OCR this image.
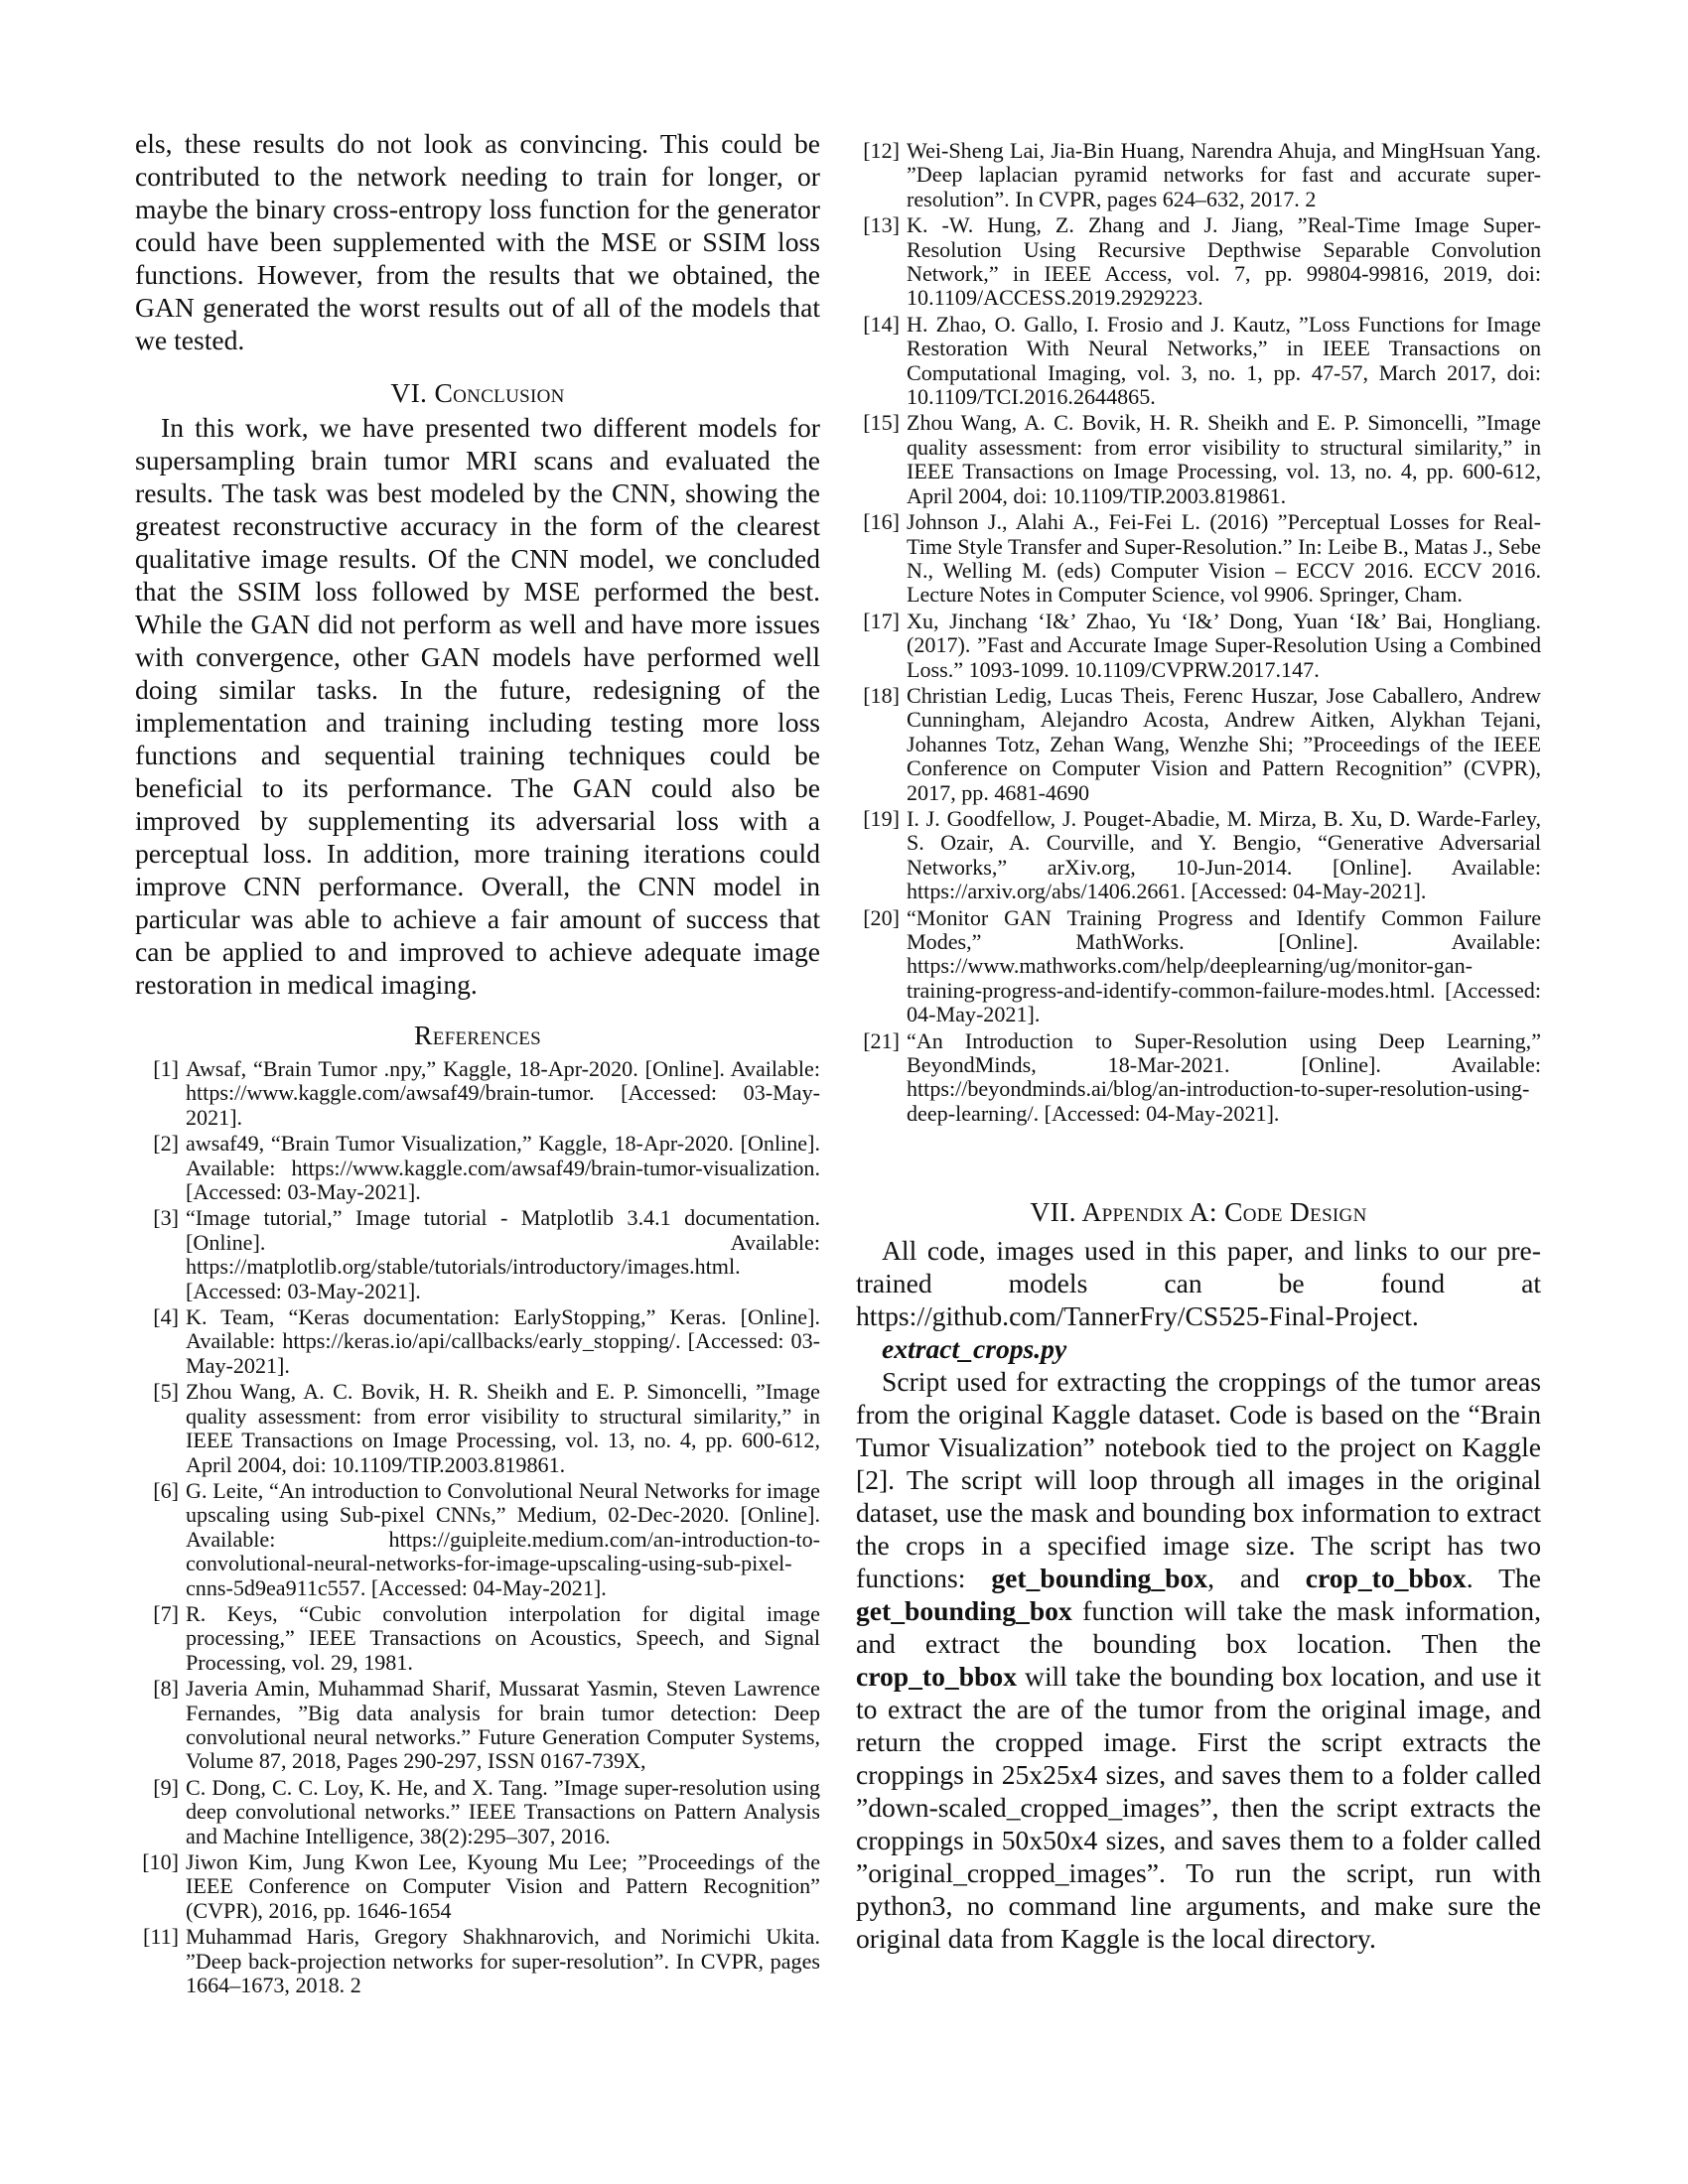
els, these results do not look as convincing. This could be contributed to the network needing to train for longer, or maybe the binary cross-entropy loss function for the generator could have been supplemented with the MSE or SSIM loss functions. However, from the results that we obtained, the GAN generated the worst results out of all of the models that we tested.

VI. Conclusion

In this work, we have presented two different models for supersampling brain tumor MRI scans and evaluated the results. The task was best modeled by the CNN, showing the greatest reconstructive accuracy in the form of the clearest qualitative image results. Of the CNN model, we concluded that the SSIM loss followed by MSE performed the best. While the GAN did not perform as well and have more issues with convergence, other GAN models have performed well doing similar tasks. In the future, redesigning of the implementation and training including testing more loss functions and sequential training techniques could be beneficial to its performance. The GAN could also be improved by supplementing its adversarial loss with a perceptual loss. In addition, more training iterations could improve CNN performance. Overall, the CNN model in particular was able to achieve a fair amount of success that can be applied to and improved to achieve adequate image restoration in medical imaging.

References
[1] Awsaf, “Brain Tumor .npy,” Kaggle, 18-Apr-2020. [Online]. Available: https://www.kaggle.com/awsaf49/brain-tumor. [Accessed: 03-May-2021].
[2] awsaf49, “Brain Tumor Visualization,” Kaggle, 18-Apr-2020. [Online]. Available: https://www.kaggle.com/awsaf49/brain-tumor-visualization. [Accessed: 03-May-2021].
[3] “Image tutorial,” Image tutorial - Matplotlib 3.4.1 documentation. [Online]. Available: https://matplotlib.org/stable/tutorials/introductory/images.html. [Accessed: 03-May-2021].
[4] K. Team, “Keras documentation: EarlyStopping,” Keras. [Online]. Available: https://keras.io/api/callbacks/early_stopping/. [Accessed: 03-May-2021].
[5] Zhou Wang, A. C. Bovik, H. R. Sheikh and E. P. Simoncelli, ”Image quality assessment: from error visibility to structural similarity,” in IEEE Transactions on Image Processing, vol. 13, no. 4, pp. 600-612, April 2004, doi: 10.1109/TIP.2003.819861.
[6] G. Leite, “An introduction to Convolutional Neural Networks for image upscaling using Sub-pixel CNNs,” Medium, 02-Dec-2020. [Online]. Available: https://guipleite.medium.com/an-introduction-to-convolutional-neural-networks-for-image-upscaling-using-sub-pixel-cnns-5d9ea911c557. [Accessed: 04-May-2021].
[7] R. Keys, “Cubic convolution interpolation for digital image processing,” IEEE Transactions on Acoustics, Speech, and Signal Processing, vol. 29, 1981.
[8] Javeria Amin, Muhammad Sharif, Mussarat Yasmin, Steven Lawrence Fernandes, ”Big data analysis for brain tumor detection: Deep convolutional neural networks.” Future Generation Computer Systems, Volume 87, 2018, Pages 290-297, ISSN 0167-739X,
[9] C. Dong, C. C. Loy, K. He, and X. Tang. ”Image super-resolution using deep convolutional networks.” IEEE Transactions on Pattern Analysis and Machine Intelligence, 38(2):295–307, 2016.
[10] Jiwon Kim, Jung Kwon Lee, Kyoung Mu Lee; ”Proceedings of the IEEE Conference on Computer Vision and Pattern Recognition” (CVPR), 2016, pp. 1646-1654
[11] Muhammad Haris, Gregory Shakhnarovich, and Norimichi Ukita. ”Deep back-projection networks for super-resolution”. In CVPR, pages 1664–1673, 2018. 2
[12] Wei-Sheng Lai, Jia-Bin Huang, Narendra Ahuja, and MingHsuan Yang. ”Deep laplacian pyramid networks for fast and accurate super-resolution”. In CVPR, pages 624–632, 2017. 2
[13] K. -W. Hung, Z. Zhang and J. Jiang, ”Real-Time Image Super-Resolution Using Recursive Depthwise Separable Convolution Network,” in IEEE Access, vol. 7, pp. 99804-99816, 2019, doi: 10.1109/ACCESS.2019.2929223.
[14] H. Zhao, O. Gallo, I. Frosio and J. Kautz, ”Loss Functions for Image Restoration With Neural Networks,” in IEEE Transactions on Computational Imaging, vol. 3, no. 1, pp. 47-57, March 2017, doi: 10.1109/TCI.2016.2644865.
[15] Zhou Wang, A. C. Bovik, H. R. Sheikh and E. P. Simoncelli, ”Image quality assessment: from error visibility to structural similarity,” in IEEE Transactions on Image Processing, vol. 13, no. 4, pp. 600-612, April 2004, doi: 10.1109/TIP.2003.819861.
[16] Johnson J., Alahi A., Fei-Fei L. (2016) ”Perceptual Losses for Real-Time Style Transfer and Super-Resolution.” In: Leibe B., Matas J., Sebe N., Welling M. (eds) Computer Vision – ECCV 2016. ECCV 2016. Lecture Notes in Computer Science, vol 9906. Springer, Cham.
[17] Xu, Jinchang ‘I&’ Zhao, Yu ‘I&’ Dong, Yuan ‘I&’ Bai, Hongliang. (2017). ”Fast and Accurate Image Super-Resolution Using a Combined Loss.” 1093-1099. 10.1109/CVPRW.2017.147.
[18] Christian Ledig, Lucas Theis, Ferenc Huszar, Jose Caballero, Andrew Cunningham, Alejandro Acosta, Andrew Aitken, Alykhan Tejani, Johannes Totz, Zehan Wang, Wenzhe Shi; ”Proceedings of the IEEE Conference on Computer Vision and Pattern Recognition” (CVPR), 2017, pp. 4681-4690
[19] I. J. Goodfellow, J. Pouget-Abadie, M. Mirza, B. Xu, D. Warde-Farley, S. Ozair, A. Courville, and Y. Bengio, “Generative Adversarial Networks,” arXiv.org, 10-Jun-2014. [Online]. Available: https://arxiv.org/abs/1406.2661. [Accessed: 04-May-2021].
[20] “Monitor GAN Training Progress and Identify Common Failure Modes,” MathWorks. [Online]. Available: https://www.mathworks.com/help/deeplearning/ug/monitor-gan-training-progress-and-identify-common-failure-modes.html. [Accessed: 04-May-2021].
[21] “An Introduction to Super-Resolution using Deep Learning,” BeyondMinds, 18-Mar-2021. [Online]. Available: https://beyondminds.ai/blog/an-introduction-to-super-resolution-using-deep-learning/. [Accessed: 04-May-2021].
VII. Appendix A: Code Design

All code, images used in this paper, and links to our pre-trained models can be found at https://github.com/TannerFry/CS525-Final-Project.

extract_crops.py

Script used for extracting the croppings of the tumor areas from the original Kaggle dataset. Code is based on the “Brain Tumor Visualization” notebook tied to the project on Kaggle [2]. The script will loop through all images in the original dataset, use the mask and bounding box information to extract the crops in a specified image size. The script has two functions: get_bounding_box, and crop_to_bbox. The get_bounding_box function will take the mask information, and extract the bounding box location. Then the crop_to_bbox will take the bounding box location, and use it to extract the are of the tumor from the original image, and return the cropped image. First the script extracts the croppings in 25x25x4 sizes, and saves them to a folder called ”down-scaled_cropped_images”, then the script extracts the croppings in 50x50x4 sizes, and saves them to a folder called ”original_cropped_images”. To run the script, run with python3, no command line arguments, and make sure the original data from Kaggle is the local directory.
